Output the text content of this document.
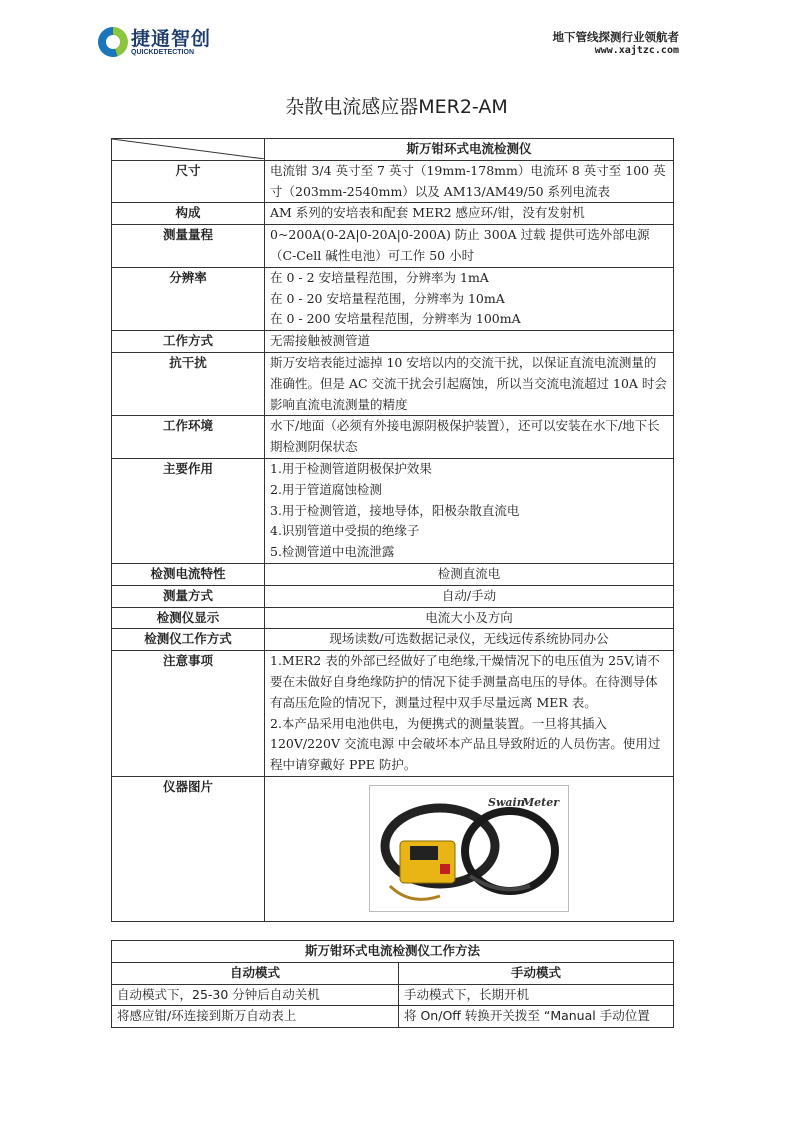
捷通智创
QUICKDETECTION
地下管线探测行业领航者
www.xajtzc.com
杂散电流感应器MER2-AM
	斯万钳环式电流检测仪
尺寸	电流钳 3/4 英寸至 7 英寸（19mm-178mm）电流环 8 英寸至 100 英寸（203mm-2540mm）以及 AM13/AM49/50 系列电流表

构成	AM 系列的安培表和配套 MER2 感应环/钳，没有发射机

测量量程	0~200A(0-2A|0-20A|0-200A) 防止 300A 过载 提供可选外部电源（C-Cell 碱性电池）可工作 50 小时

分辨率	在 0 - 2 安培量程范围，分辨率为 1mA
在 0 - 20 安培量程范围，分辨率为 10mA
在 0 - 200 安培量程范围，分辨率为 100mA

工作方式	无需接触被测管道

抗干扰	斯万安培表能过滤掉 10 安培以内的交流干扰，以保证直流电流测量的准确性。但是 AC 交流干扰会引起腐蚀，所以当交流电流超过 10A 时会影响直流电流测量的精度

工作环境	水下/地面（必须有外接电源阴极保护装置），还可以安装在水下/地下长期检测阴保状态

主要作用	1.用于检测管道阴极保护效果
2.用于管道腐蚀检测
3.用于检测管道，接地导体，阳极杂散直流电
4.识别管道中受损的绝缘子
5.检测管道中电流泄露

检测电流特性	检测直流电

测量方式	自动/手动

检测仪显示	电流大小及方向

检测仪工作方式	现场读数/可选数据记录仪，无线远传系统协同办公

注意事项	1.MER2 表的外部已经做好了电绝缘,干燥情况下的电压值为 25V,请不要在未做好自身绝缘防护的情况下徒手测量高电压的导体。在待测导体有高压危险的情况下，测量过程中双手尽量远离 MER 表。
2.本产品采用电池供电，为便携式的测量装置。一旦将其插入 120V/220V 交流电源 中会破坏本产品且导致附近的人员伤害。使用过程中请穿戴好 PPE 防护。

仪器图片	Swain
Meter
斯万钳环式电流检测仪工作方法	
自动模式	手动模式
自动模式下，25-30 分钟后自动关机	手动模式下，长期开机
将感应钳/环连接到斯万自动表上	将 On/Off 转换开关拨至 “Manual 手动位置
